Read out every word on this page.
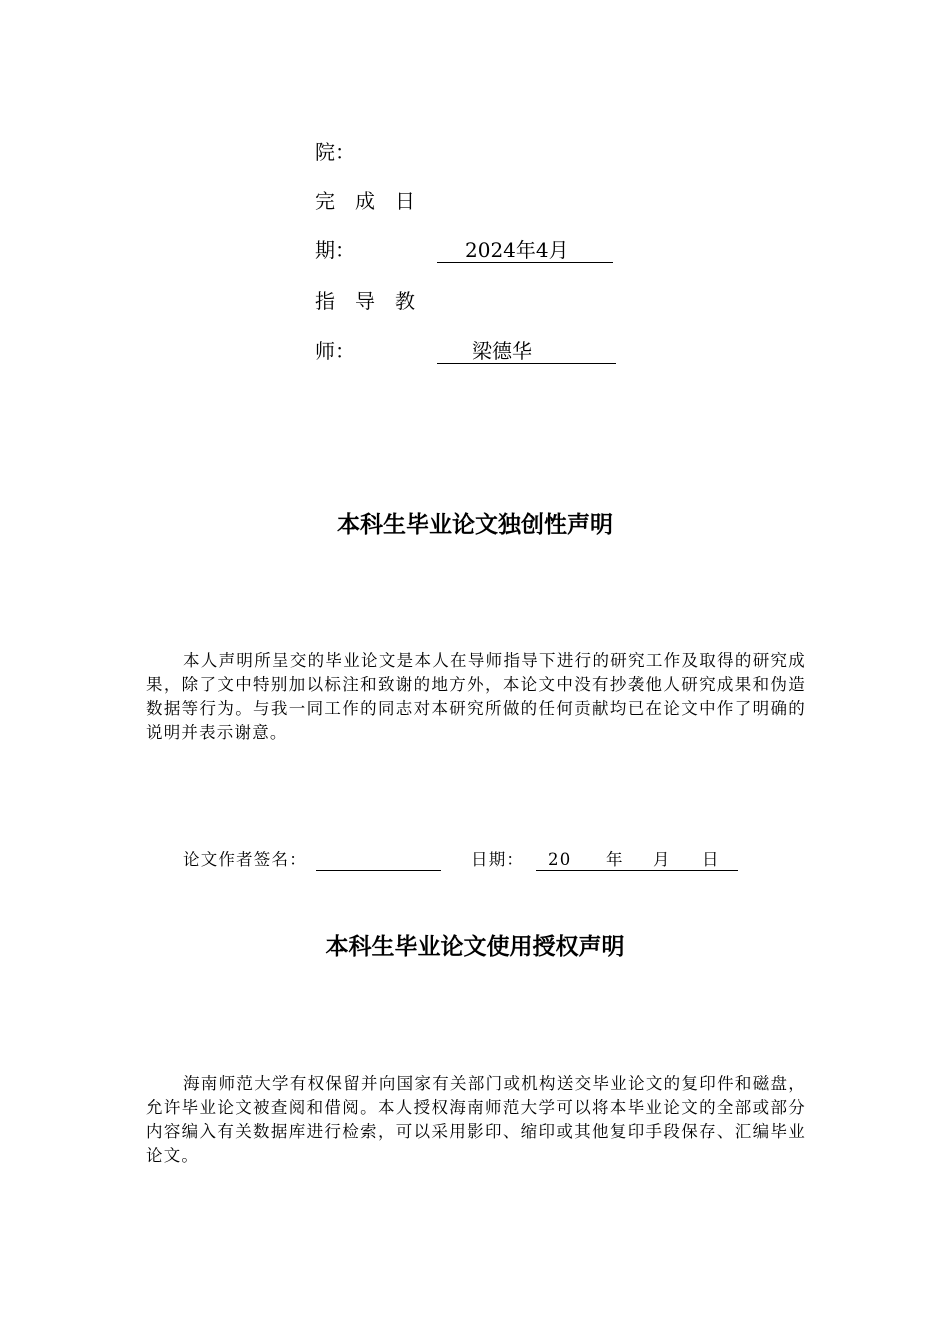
院：
完成日
期：	2024年4月
指导教
师：	梁德华
本科生毕业论文独创性声明
本人声明所呈交的毕业论文是本人在导师指导下进行的研究工作及取得的研究成果，除了文中特别加以标注和致谢的地方外，本论文中没有抄袭他人研究成果和伪造数据等行为。与我一同工作的同志对本研究所做的任何贡献均已在论文中作了明确的说明并表示谢意。
论文作者签名：	日期： 20 年 月 日
本科生毕业论文使用授权声明
海南师范大学有权保留并向国家有关部门或机构送交毕业论文的复印件和磁盘，允许毕业论文被查阅和借阅。本人授权海南师范大学可以将本毕业论文的全部或部分内容编入有关数据库进行检索，可以采用影印、缩印或其他复印手段保存、汇编毕业论文。
